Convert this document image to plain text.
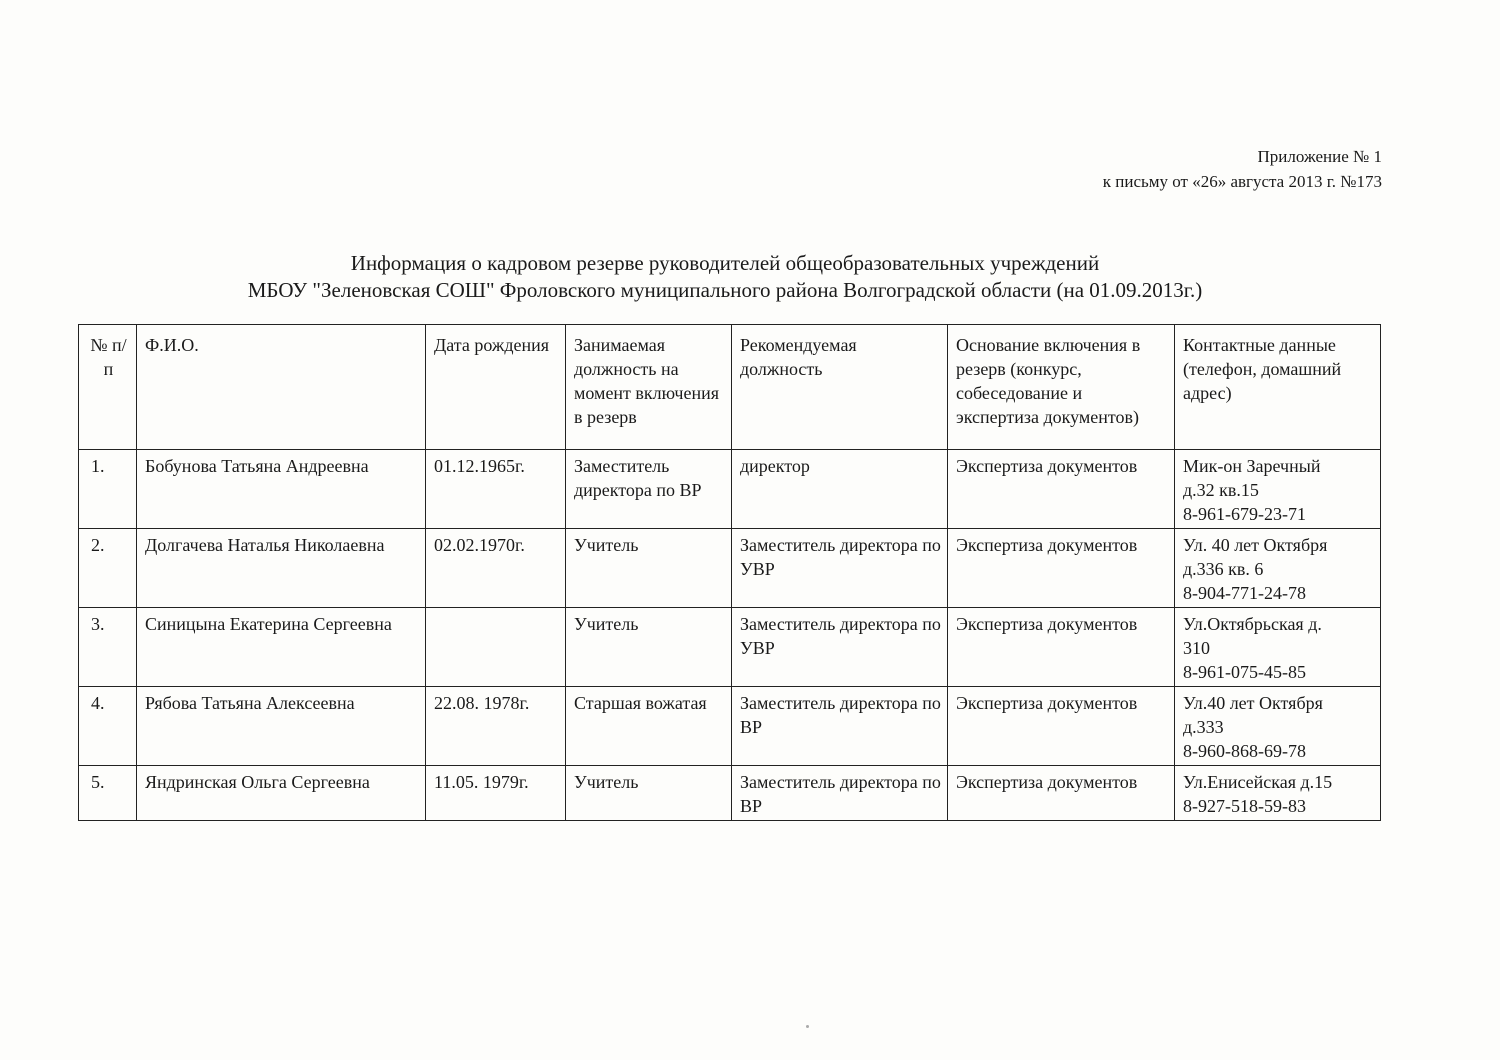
Приложение № 1
к письму от «26» августа 2013 г. №173
Информация о кадровом резерве руководителей общеобразовательных учреждений
МБОУ "Зеленовская СОШ" Фроловского муниципального района Волгоградской области (на 01.09.2013г.)
№ п/п	Ф.И.О.	Дата рождения	Занимаемая должность на момент включения в резерв	Рекомендуемая должность	Основание включения в резерв (конкурс, собеседование и экспертиза документов)	Контактные данные (телефон, домашний адрес)
1.	Бобунова Татьяна Андреевна	01.12.1965г.	Заместитель директора по ВР	директор	Экспертиза документов	Мик-он Заречный
д.32 кв.15
8-961-679-23-71

2.	Долгачева Наталья Николаевна	02.02.1970г.	Учитель	Заместитель директора по УВР	Экспертиза документов	Ул. 40 лет Октября
д.336 кв. 6
8-904-771-24-78

3.	Синицына Екатерина Сергеевна		Учитель	Заместитель директора по УВР	Экспертиза документов	Ул.Октябрьская д.
310
8-961-075-45-85

4.	Рябова Татьяна Алексеевна	22.08. 1978г.	Старшая вожатая	Заместитель директора по ВР	Экспертиза документов	Ул.40 лет Октября
д.333
8-960-868-69-78

5.	Яндринская Ольга Сергеевна	11.05. 1979г.	Учитель	Заместитель директора по ВР	Экспертиза документов	Ул.Енисейская д.15
8-927-518-59-83
